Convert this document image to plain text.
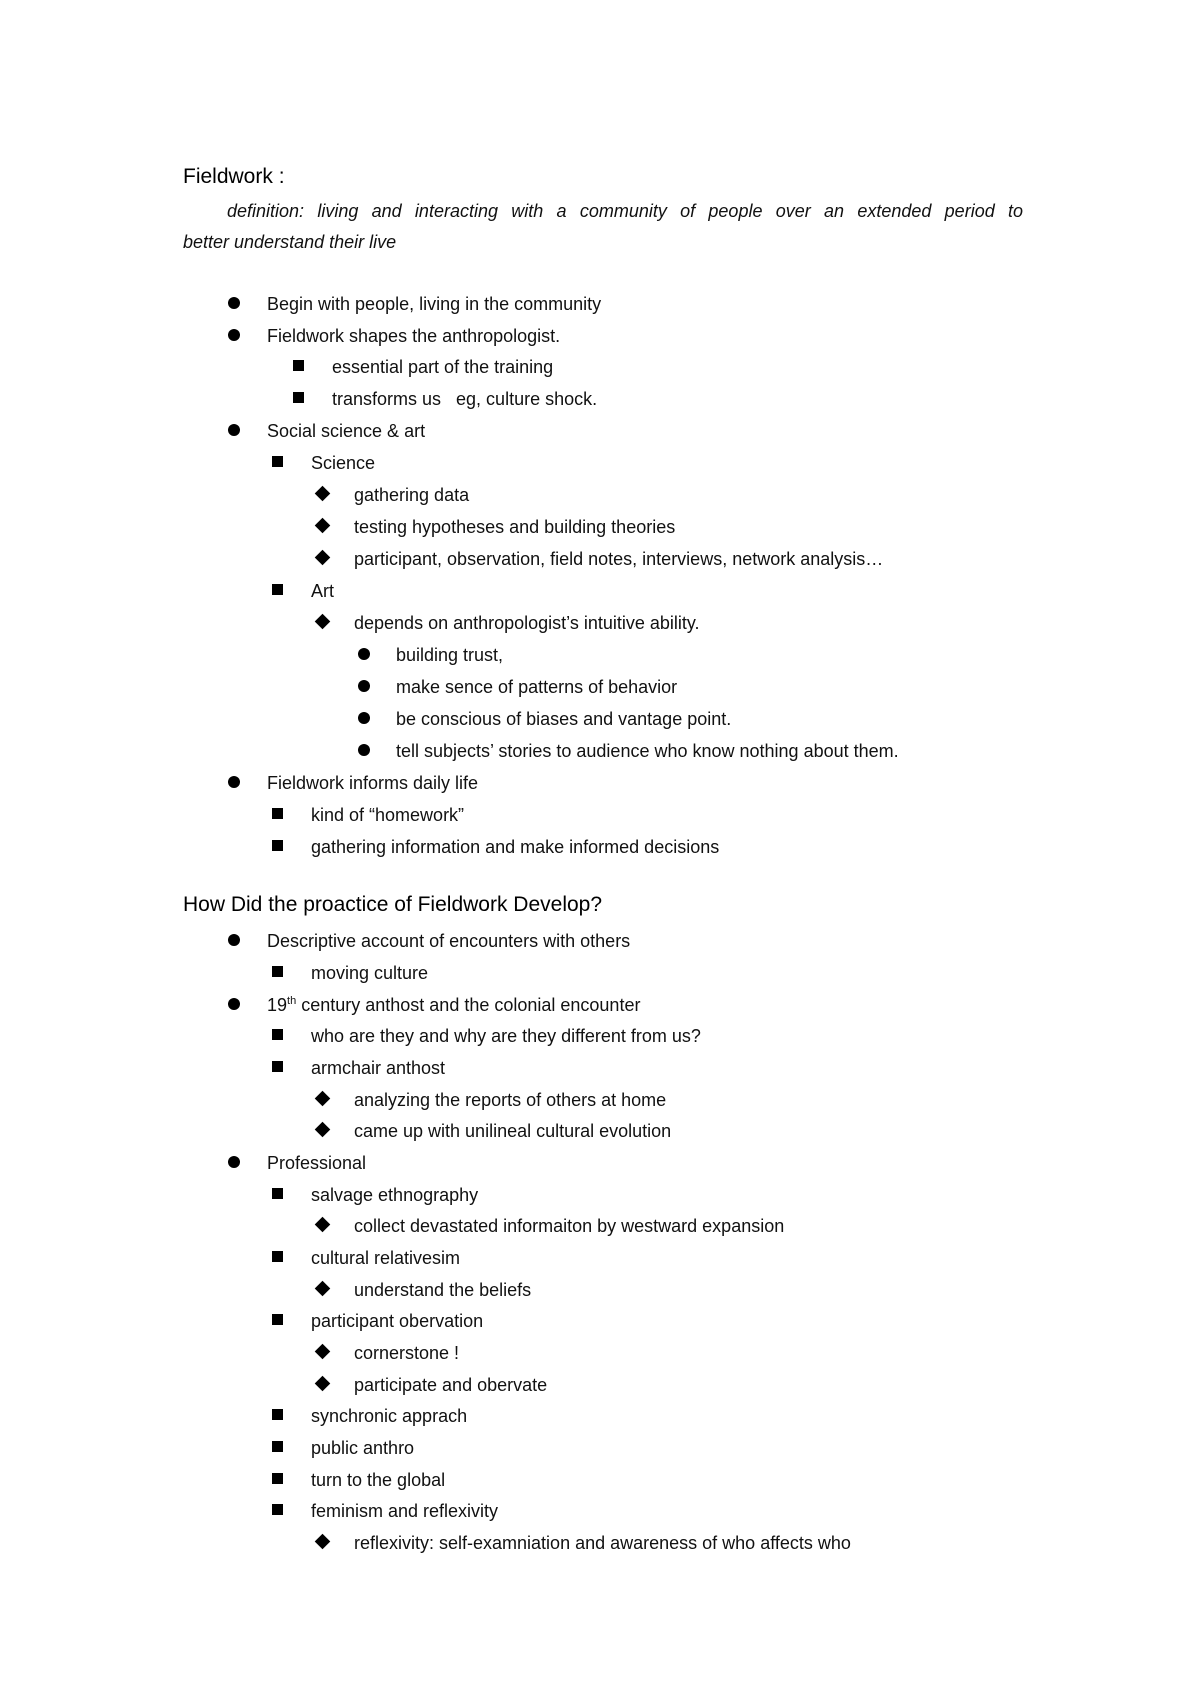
Fieldwork :
definition: living and interacting with a community of people over an extended period to
better understand their live
Begin with people, living in the community
Fieldwork shapes the anthropologist.
essential part of the training
transforms us   eg, culture shock.
Social science & art
Science
gathering data
testing hypotheses and building theories
participant, observation, field notes, interviews, network analysis…
Art
depends on anthropologist’s intuitive ability.
building trust,
make sence of patterns of behavior
be conscious of biases and vantage point.
tell subjects’ stories to audience who know nothing about them.
Fieldwork informs daily life
kind of “homework”
gathering information and make informed decisions
How Did the proactice of Fieldwork Develop?
Descriptive account of encounters with others
moving culture
19th century anthost and the colonial encounter
who are they and why are they different from us?
armchair anthost
analyzing the reports of others at home
came up with unilineal cultural evolution
Professional
salvage ethnography
collect devastated informaiton by westward expansion
cultural relativesim
understand the beliefs
participant obervation
cornerstone !
participate and obervate
synchronic apprach
public anthro
turn to the global
feminism and reflexivity
reflexivity: self-examniation and awareness of who affects who
